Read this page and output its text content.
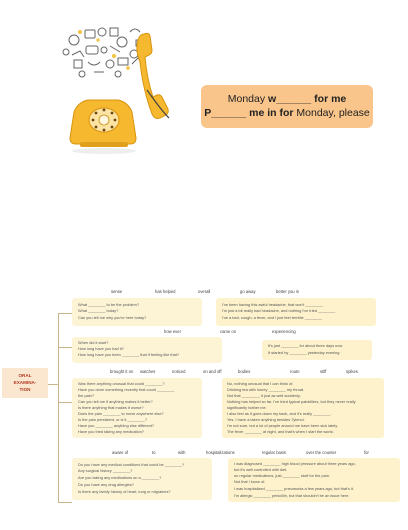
Monday w______ for me
P______ me in for Monday, please
ORAL
EXAMINA-
TION
sense	has helped	overall	go away	better you in
What ________ to be the problem?
What ________ today?
Can you tell me why you're here today?
I've been having this awful headache, that won't ________
I'm just a bit really bad headache, and nothing I've tried ________
I've a bad, cough, a fever, and I just feel terrible ________
how ever	came on	experiencing
When did it start?
How long have you had it?
How long have you been ________ that if feeling like that?
It's just ________ for about three days now
It started by ________ yesterday evening
brought it on watches	noticed	on and off	bodies	route	stiff	spikes
Was there anything unusual that could ________?
Have you done something recently that could ________
the pain?
Can you tell me if anything makes it better?
Is there anything that makes it worse?
Does the pain ________ to move anywhere else?
Is the pain persistent, or is it ________?
Have you ________ anything else different?
Have you tried taking any medication?
No, nothing unusual that I can think of.
Drinking tea with honey ________ my throat.
Not that ________, it just as well suddenly.
Nothing has helped so far. I've tried typical painkillers, but they never really
significantly bother me.
I also feel as it goes down my back, and it's really ________.
Yes, I have a taken anything besides Tylenol.
I'm not sure, but a lot of people around me have been sick lately.
The fever ________ at night, and that's when I start the worst.
aware of	to	with	hospitalizations	regular basis	over the counter	for
Do you have any medical conditions that could be ________?
Any surgical history ________?
Are you taking any medications on a ________?
Do you have any drug allergies?
Is there any family history of heart, lung or migraines?
I was diagnosed ________ high blood pressure about three years ago,
but it's well controlled with diet.
on regular medications, just ________ stuff for the pain.
Not that I know of.
I was hospitalized ________ pneumonia a few years ago, but that's it.
I'm allergic ________ penicillin, but that shouldn't be an issue here.
